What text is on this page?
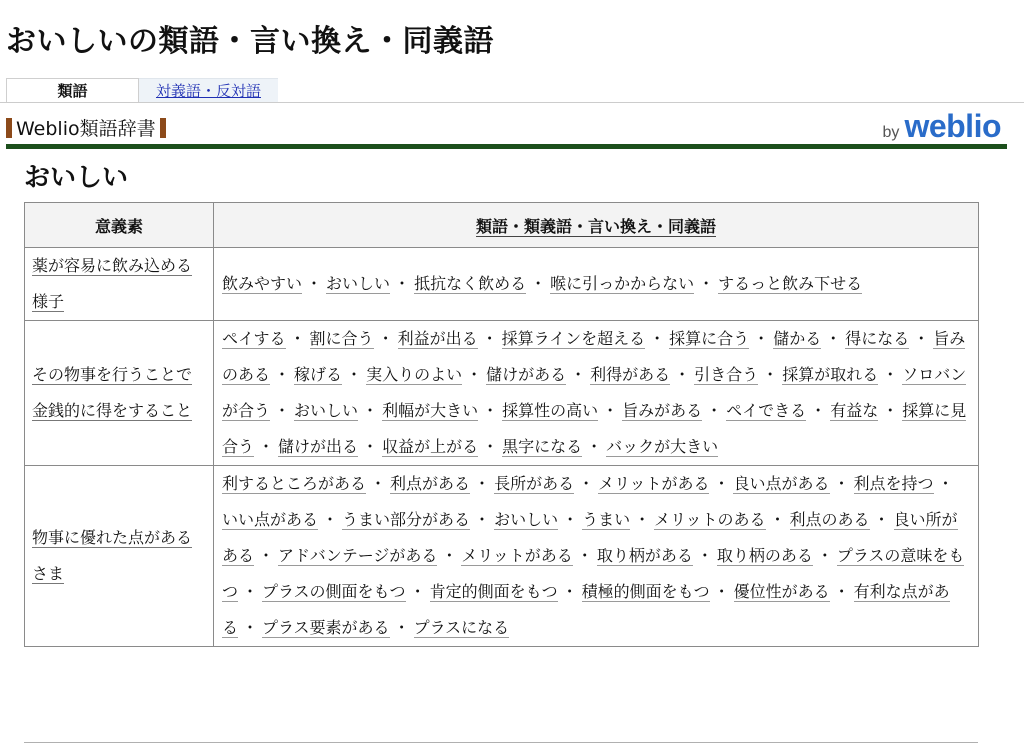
おいしいの類語・言い換え・同義語
類語	対義語・反対語
Weblio類語辞書	by weblio
おいしい
意義素	類語・類義語・言い換え・同義語
薬が容易に飲み込める様子	飲みやすい ・ おいしい ・ 抵抗なく飲める ・ 喉に引っかからない ・ するっと飲み下せる
その物事を行うことで金銭的に得をすること	ペイする ・ 割に合う ・ 利益が出る ・ 採算ラインを超える ・ 採算に合う ・ 儲かる ・ 得になる ・ 旨みのある ・ 稼げる ・ 実入りのよい ・ 儲けがある ・ 利得がある ・ 引き合う ・ 採算が取れる ・ ソロバンが合う ・ おいしい ・ 利幅が大きい ・ 採算性の高い ・ 旨みがある ・ ペイできる ・ 有益な ・ 採算に見合う ・ 儲けが出る ・ 収益が上がる ・ 黒字になる ・ バックが大きい
物事に優れた点があるさま	利するところがある ・ 利点がある ・ 長所がある ・ メリットがある ・ 良い点がある ・ 利点を持つ ・いい点がある ・ うまい部分がある ・ おいしい ・ うまい ・ メリットのある ・ 利点のある ・ 良い所がある ・ アドバンテージがある ・ メリットがある ・ 取り柄がある ・ 取り柄のある ・ プラスの意味をもつ ・ プラスの側面をもつ ・ 肯定的側面をもつ ・ 積極的側面をもつ ・ 優位性がある ・ 有利な点がある ・ プラス要素がある ・ プラスになる
